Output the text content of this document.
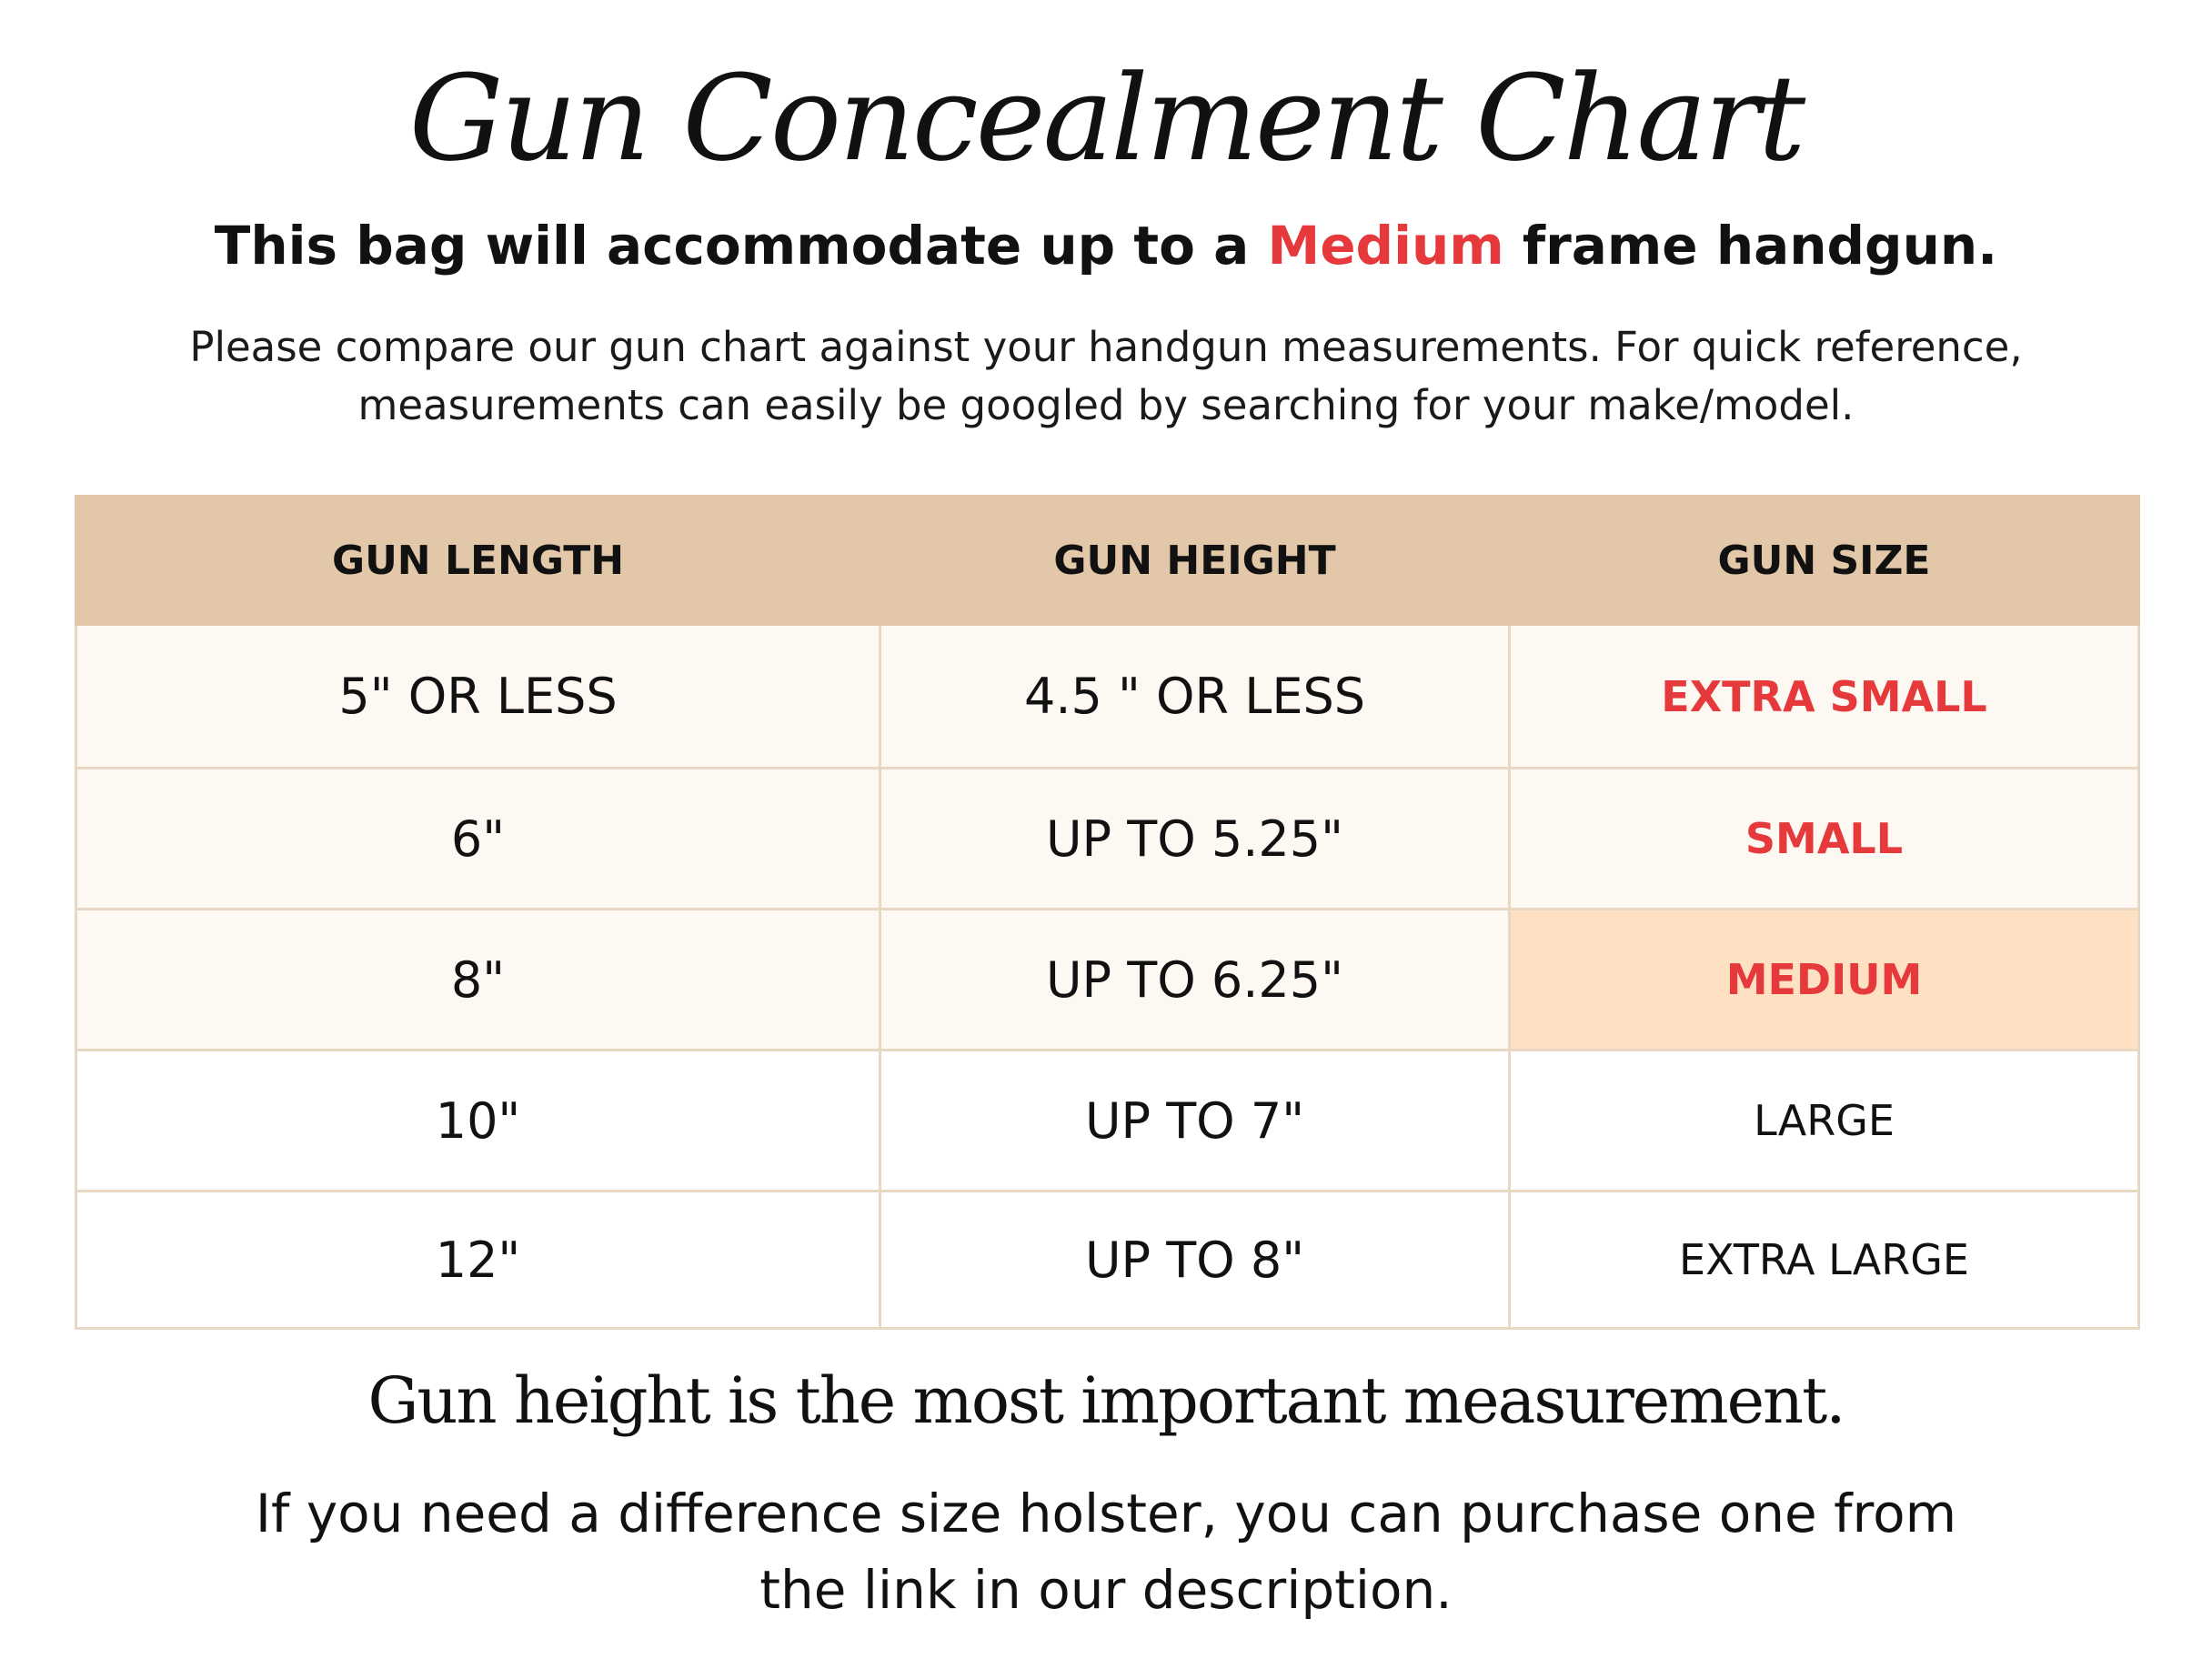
Gun Concealment Chart
This bag will accommodate up to a Medium frame handgun.
Please compare our gun chart against your handgun measurements. For quick reference,
measurements can easily be googled by searching for your make/model.
GUN LENGTH	GUN HEIGHT	GUN SIZE
5" OR LESS	4.5 " OR LESS	EXTRA SMALL
6"	UP TO 5.25"	SMALL
8"	UP TO 6.25"	MEDIUM
10"	UP TO 7"	LARGE
12"	UP TO 8"	EXTRA LARGE
Gun height is the most important measurement.
If you need a difference size holster, you can purchase one from
the link in our description.
